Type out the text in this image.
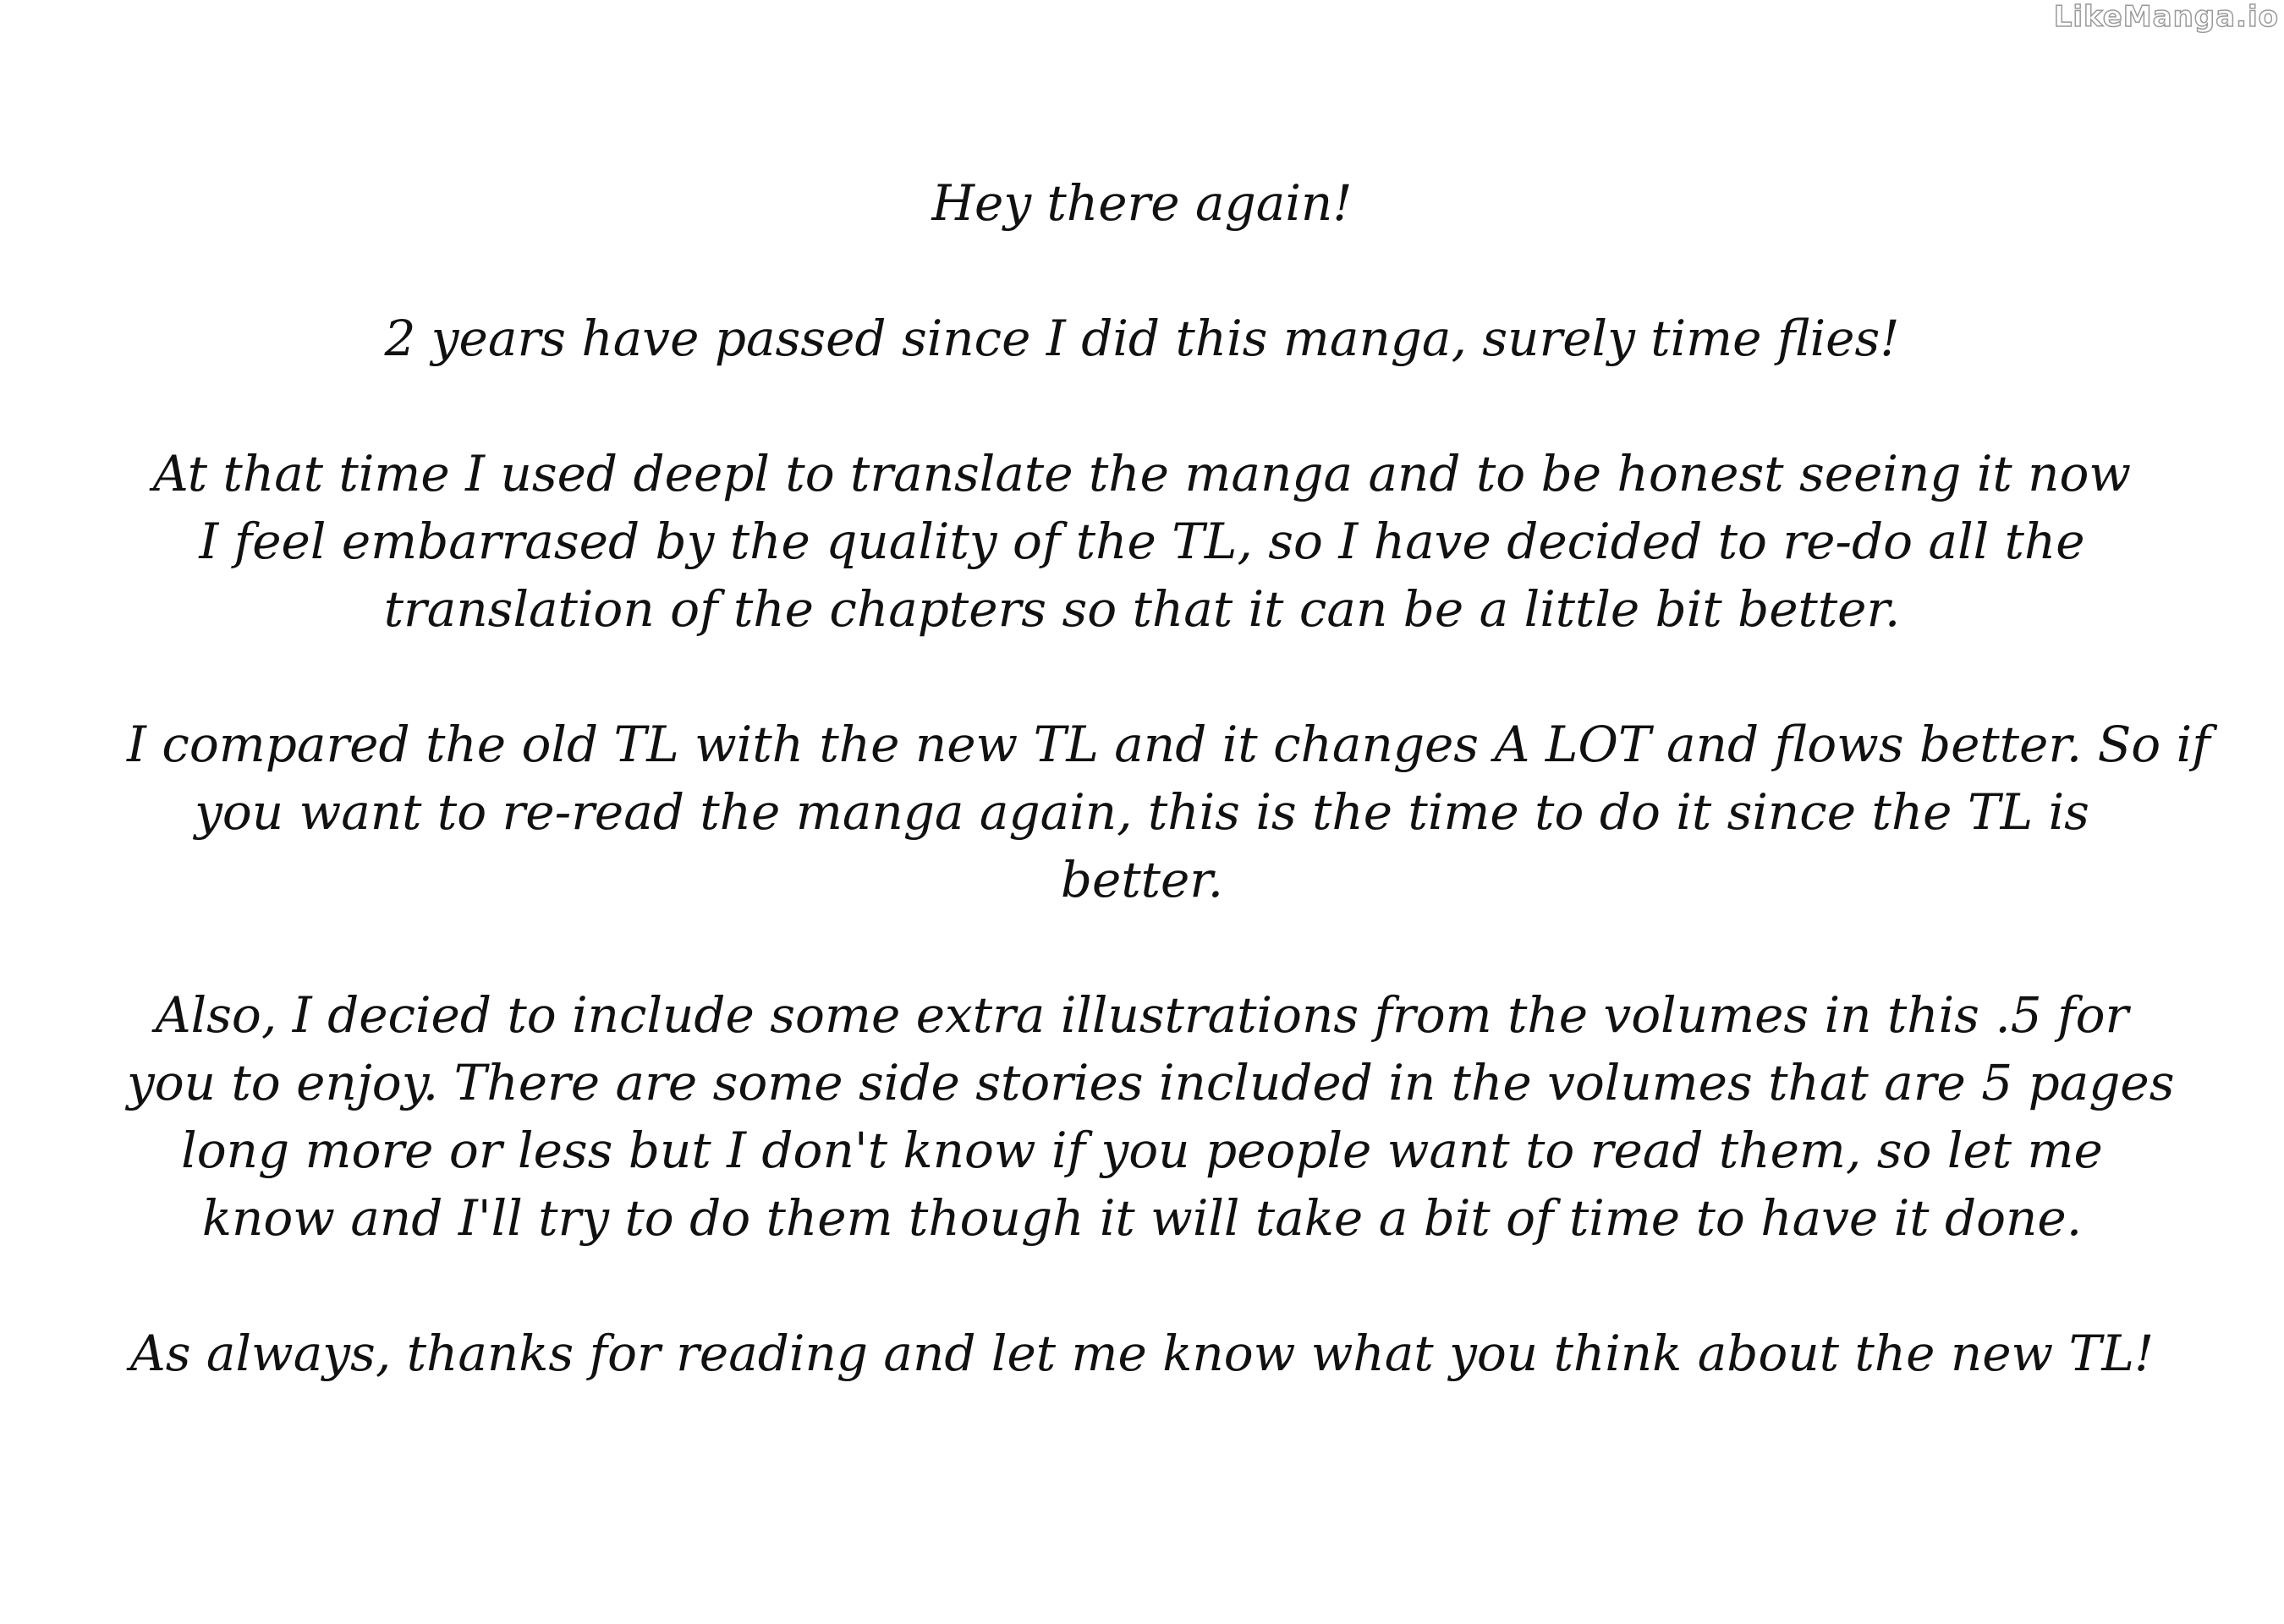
LikeManga.io

Hey there again!

2 years have passed since I did this manga, surely time flies!

At that time I used deepl to translate the manga and to be honest seeing it now
I feel embarrased by the quality of the TL, so I have decided to re-do all the
translation of the chapters so that it can be a little bit better.

I compared the old TL with the new TL and it changes A LOT and flows better. So if
you want to re-read the manga again, this is the time to do it since the TL is
better.

Also, I decied to include some extra illustrations from the volumes in this .5 for
you to enjoy. There are some side stories included in the volumes that are 5 pages
long more or less but I don't know if you people want to read them, so let me
know and I'll try to do them though it will take a bit of time to have it done.

As always, thanks for reading and let me know what you think about the new TL!
